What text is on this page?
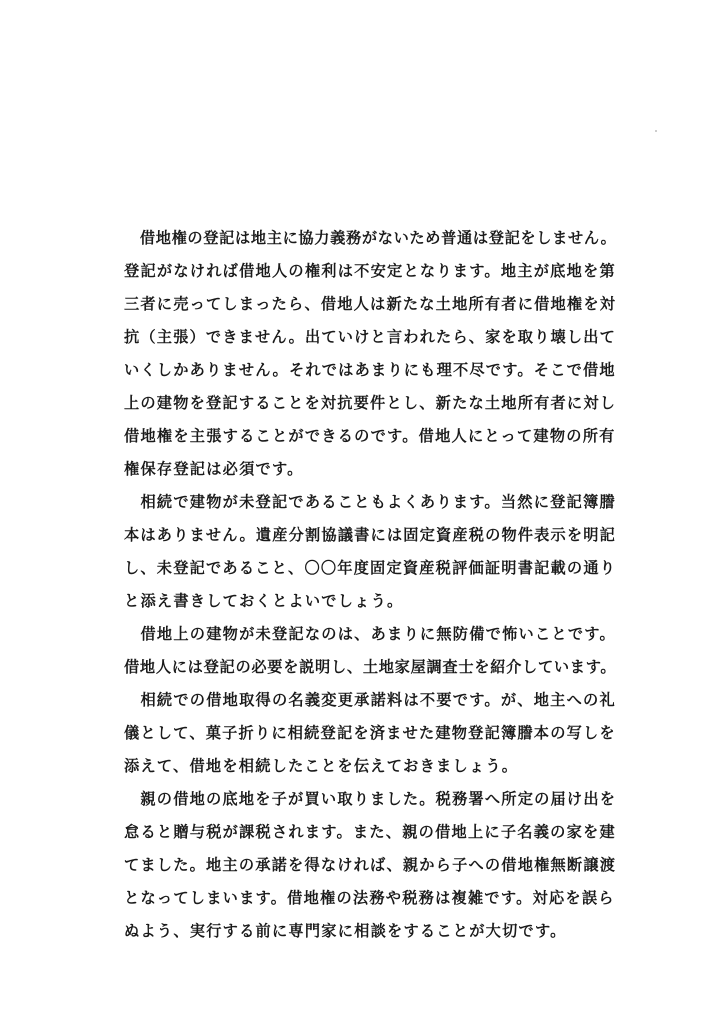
　借地権の登記は地主に協力義務がないため普通は登記をしません。
登記がなければ借地人の権利は不安定となります。地主が底地を第
三者に売ってしまったら、借地人は新たな土地所有者に借地権を対
抗（主張）できません。出ていけと言われたら、家を取り壊し出て
いくしかありません。それではあまりにも理不尽です。そこで借地
上の建物を登記することを対抗要件とし、新たな土地所有者に対し
借地権を主張することができるのです。借地人にとって建物の所有
権保存登記は必須です。
　相続で建物が未登記であることもよくあります。当然に登記簿謄
本はありません。遺産分割協議書には固定資産税の物件表示を明記
し、未登記であること、〇〇年度固定資産税評価証明書記載の通り
と添え書きしておくとよいでしょう。
　借地上の建物が未登記なのは、あまりに無防備で怖いことです。
借地人には登記の必要を説明し、土地家屋調査士を紹介しています。
　相続での借地取得の名義変更承諾料は不要です。が、地主への礼
儀として、菓子折りに相続登記を済ませた建物登記簿謄本の写しを
添えて、借地を相続したことを伝えておきましょう。
　親の借地の底地を子が買い取りました。税務署へ所定の届け出を
怠ると贈与税が課税されます。また、親の借地上に子名義の家を建
てました。地主の承諾を得なければ、親から子への借地権無断譲渡
となってしまいます。借地権の法務や税務は複雑です。対応を誤ら
ぬよう、実行する前に専門家に相談をすることが大切です。
